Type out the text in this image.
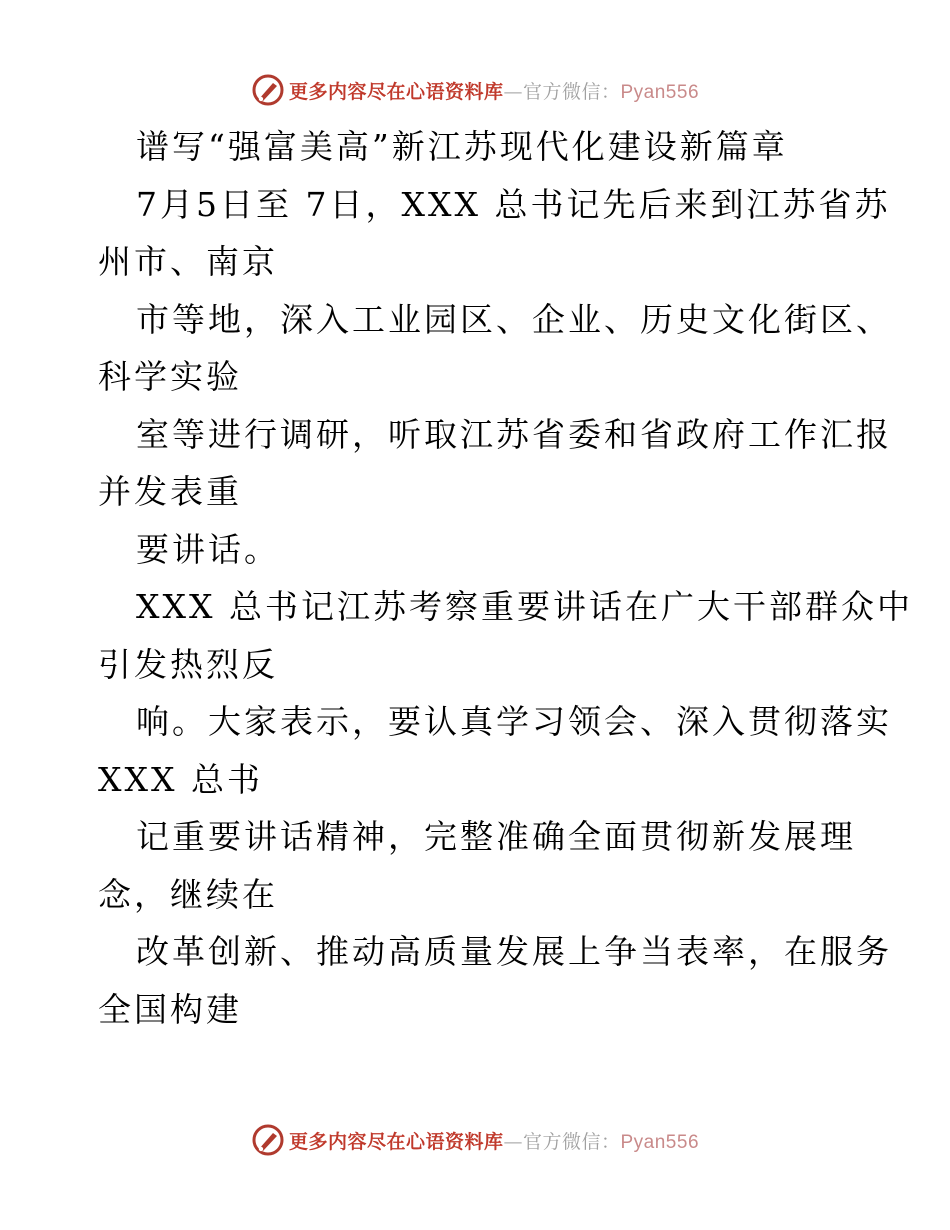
更多内容尽在心语资料库—官方微信：Pyan556
谱写“强富美高”新江苏现代化建设新篇章
7月5日至 7日，XXX 总书记先后来到江苏省苏
州市、南京
市等地，深入工业园区、企业、历史文化街区、
科学实验
室等进行调研，听取江苏省委和省政府工作汇报
并发表重
要讲话。
XXX 总书记江苏考察重要讲话在广大干部群众中
引发热烈反
响。大家表示，要认真学习领会、深入贯彻落实
XXX 总书
记重要讲话精神，完整准确全面贯彻新发展理
念，继续在
改革创新、推动高质量发展上争当表率，在服务
全国构建
更多内容尽在心语资料库—官方微信：Pyan556
